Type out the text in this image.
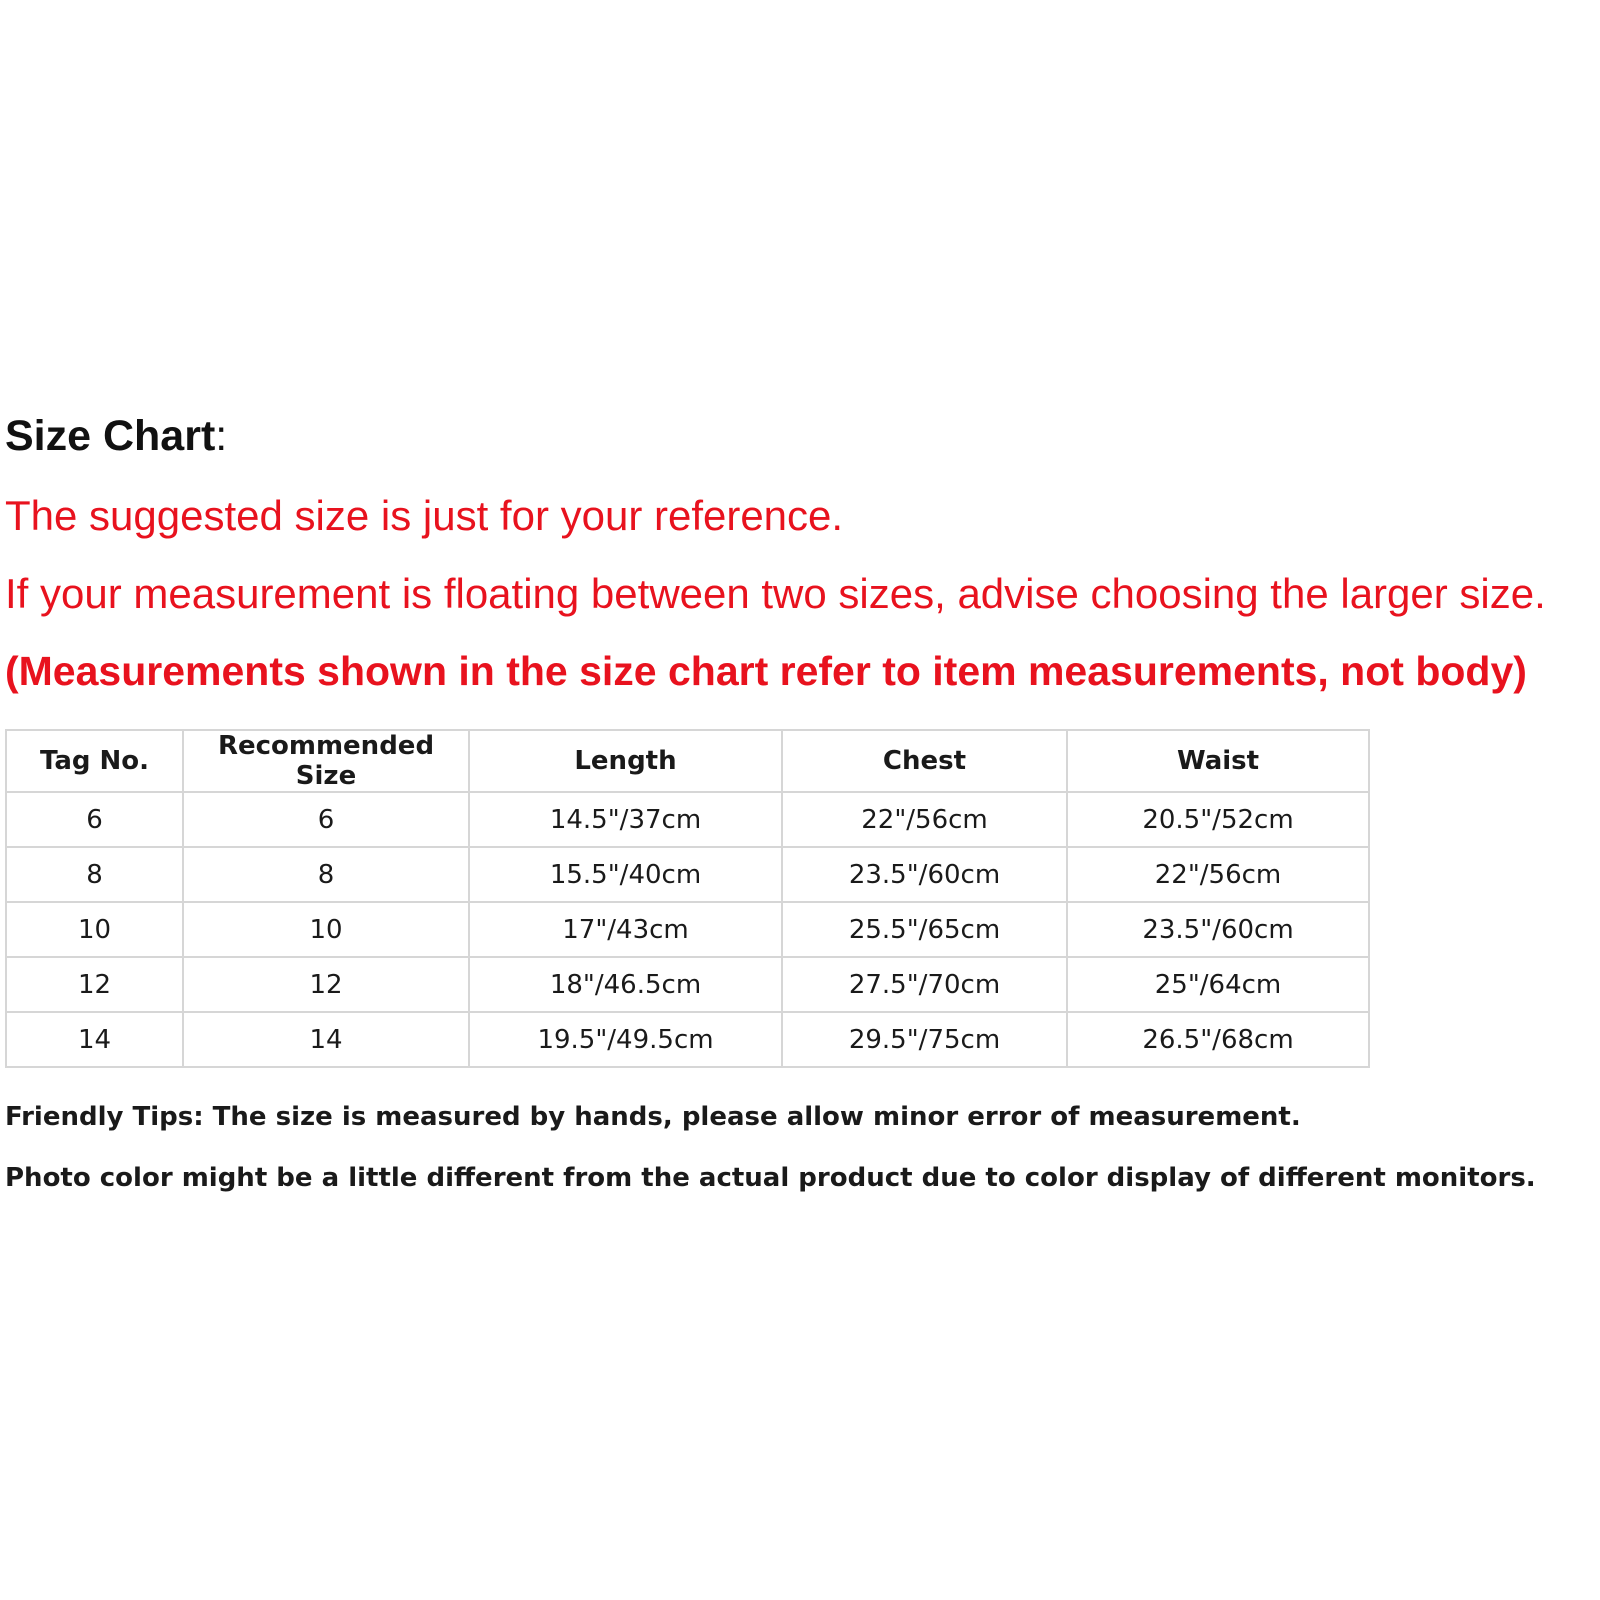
Size Chart:

The suggested size is just for your reference.

If your measurement is floating between two sizes, advise choosing the larger size.

(Measurements shown in the size chart refer to item measurements, not body)

Tag No.	Recommended Size	Length	Chest	Waist
6	6	14.5"/37cm	22"/56cm	20.5"/52cm
8	8	15.5"/40cm	23.5"/60cm	22"/56cm
10	10	17"/43cm	25.5"/65cm	23.5"/60cm
12	12	18"/46.5cm	27.5"/70cm	25"/64cm
14	14	19.5"/49.5cm	29.5"/75cm	26.5"/68cm

Friendly Tips: The size is measured by hands, please allow minor error of measurement.

Photo color might be a little different from the actual product due to color display of different monitors.
